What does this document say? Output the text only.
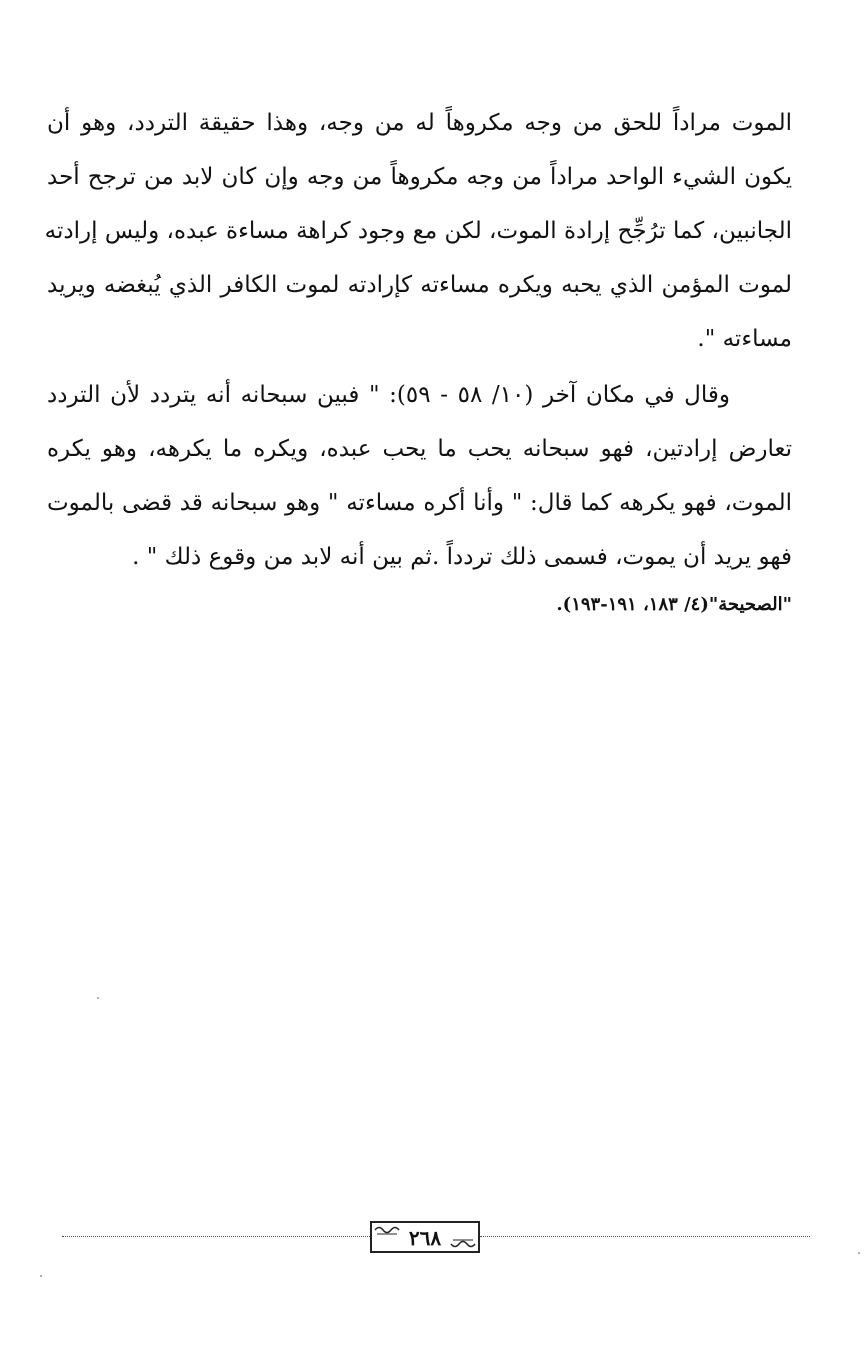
الموت مراداً للحق من وجه مكروهاً له من وجه، وهذا حقيقة التردد، وهو أن
يكون الشيء الواحد مراداً من وجه مكروهاً من وجه وإن كان لابد من ترجح أحد
الجانبين، كما ترُجِّح إرادة الموت، لكن مع وجود كراهة مساءة عبده، وليس إرادته
لموت المؤمن الذي يحبه ويكره مساءته كإرادته لموت الكافر الذي يُبغضه ويريد
مساءته ".
وقال في مكان آخر (١٠/ ٥٨ - ٥٩): " فبين سبحانه أنه يتردد لأن التردد
تعارض إرادتين، فهو سبحانه يحب ما يحب عبده، ويكره ما يكرهه، وهو يكره
الموت، فهو يكرهه كما قال: " وأنا أكره مساءته " وهو سبحانه قد قضى بالموت
فهو يريد أن يموت، فسمى ذلك تردداً .ثم بين أنه لابد من وقوع ذلك " .
"الصحيحة"(٤/ ١٨٣، ١٩١-١٩٣).
٢٦٨
